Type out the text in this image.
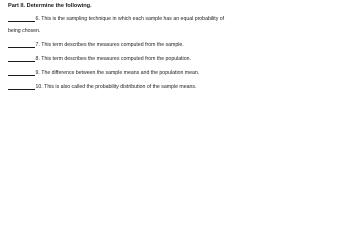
Part II. Determine the following.
6.
This is the sampling technique in which each sample has an equal probability of
being chosen.
7.
This term describes the measures computed from the sample.
8.
This term describes the measures computed from the population.
9.
The difference between the sample means and the population mean.
10.
This is also called the probability distribution of the sample means.
